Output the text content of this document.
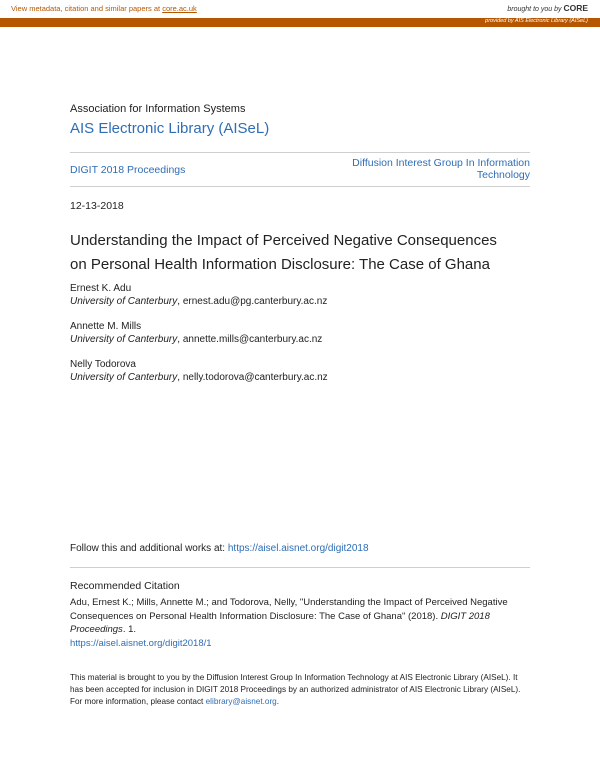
View metadata, citation and similar papers at core.ac.uk	brought to you by CORE
provided by AIS Electronic Library (AISeL)
Association for Information Systems
AIS Electronic Library (AISeL)
DIGIT 2018 Proceedings
Diffusion Interest Group In Information
Technology
12-13-2018
Understanding the Impact of Perceived Negative Consequences
on Personal Health Information Disclosure: The Case of Ghana
Ernest K. Adu
University of Canterbury, ernest.adu@pg.canterbury.ac.nz
Annette M. Mills
University of Canterbury, annette.mills@canterbury.ac.nz
Nelly Todorova
University of Canterbury, nelly.todorova@canterbury.ac.nz
Follow this and additional works at: https://aisel.aisnet.org/digit2018
Recommended Citation
Adu, Ernest K.; Mills, Annette M.; and Todorova, Nelly, "Understanding the Impact of Perceived Negative Consequences on Personal Health Information Disclosure: The Case of Ghana" (2018). DIGIT 2018 Proceedings. 1.
https://aisel.aisnet.org/digit2018/1
This material is brought to you by the Diffusion Interest Group In Information Technology at AIS Electronic Library (AISeL). It has been accepted for inclusion in DIGIT 2018 Proceedings by an authorized administrator of AIS Electronic Library (AISeL). For more information, please contact elibrary@aisnet.org.
